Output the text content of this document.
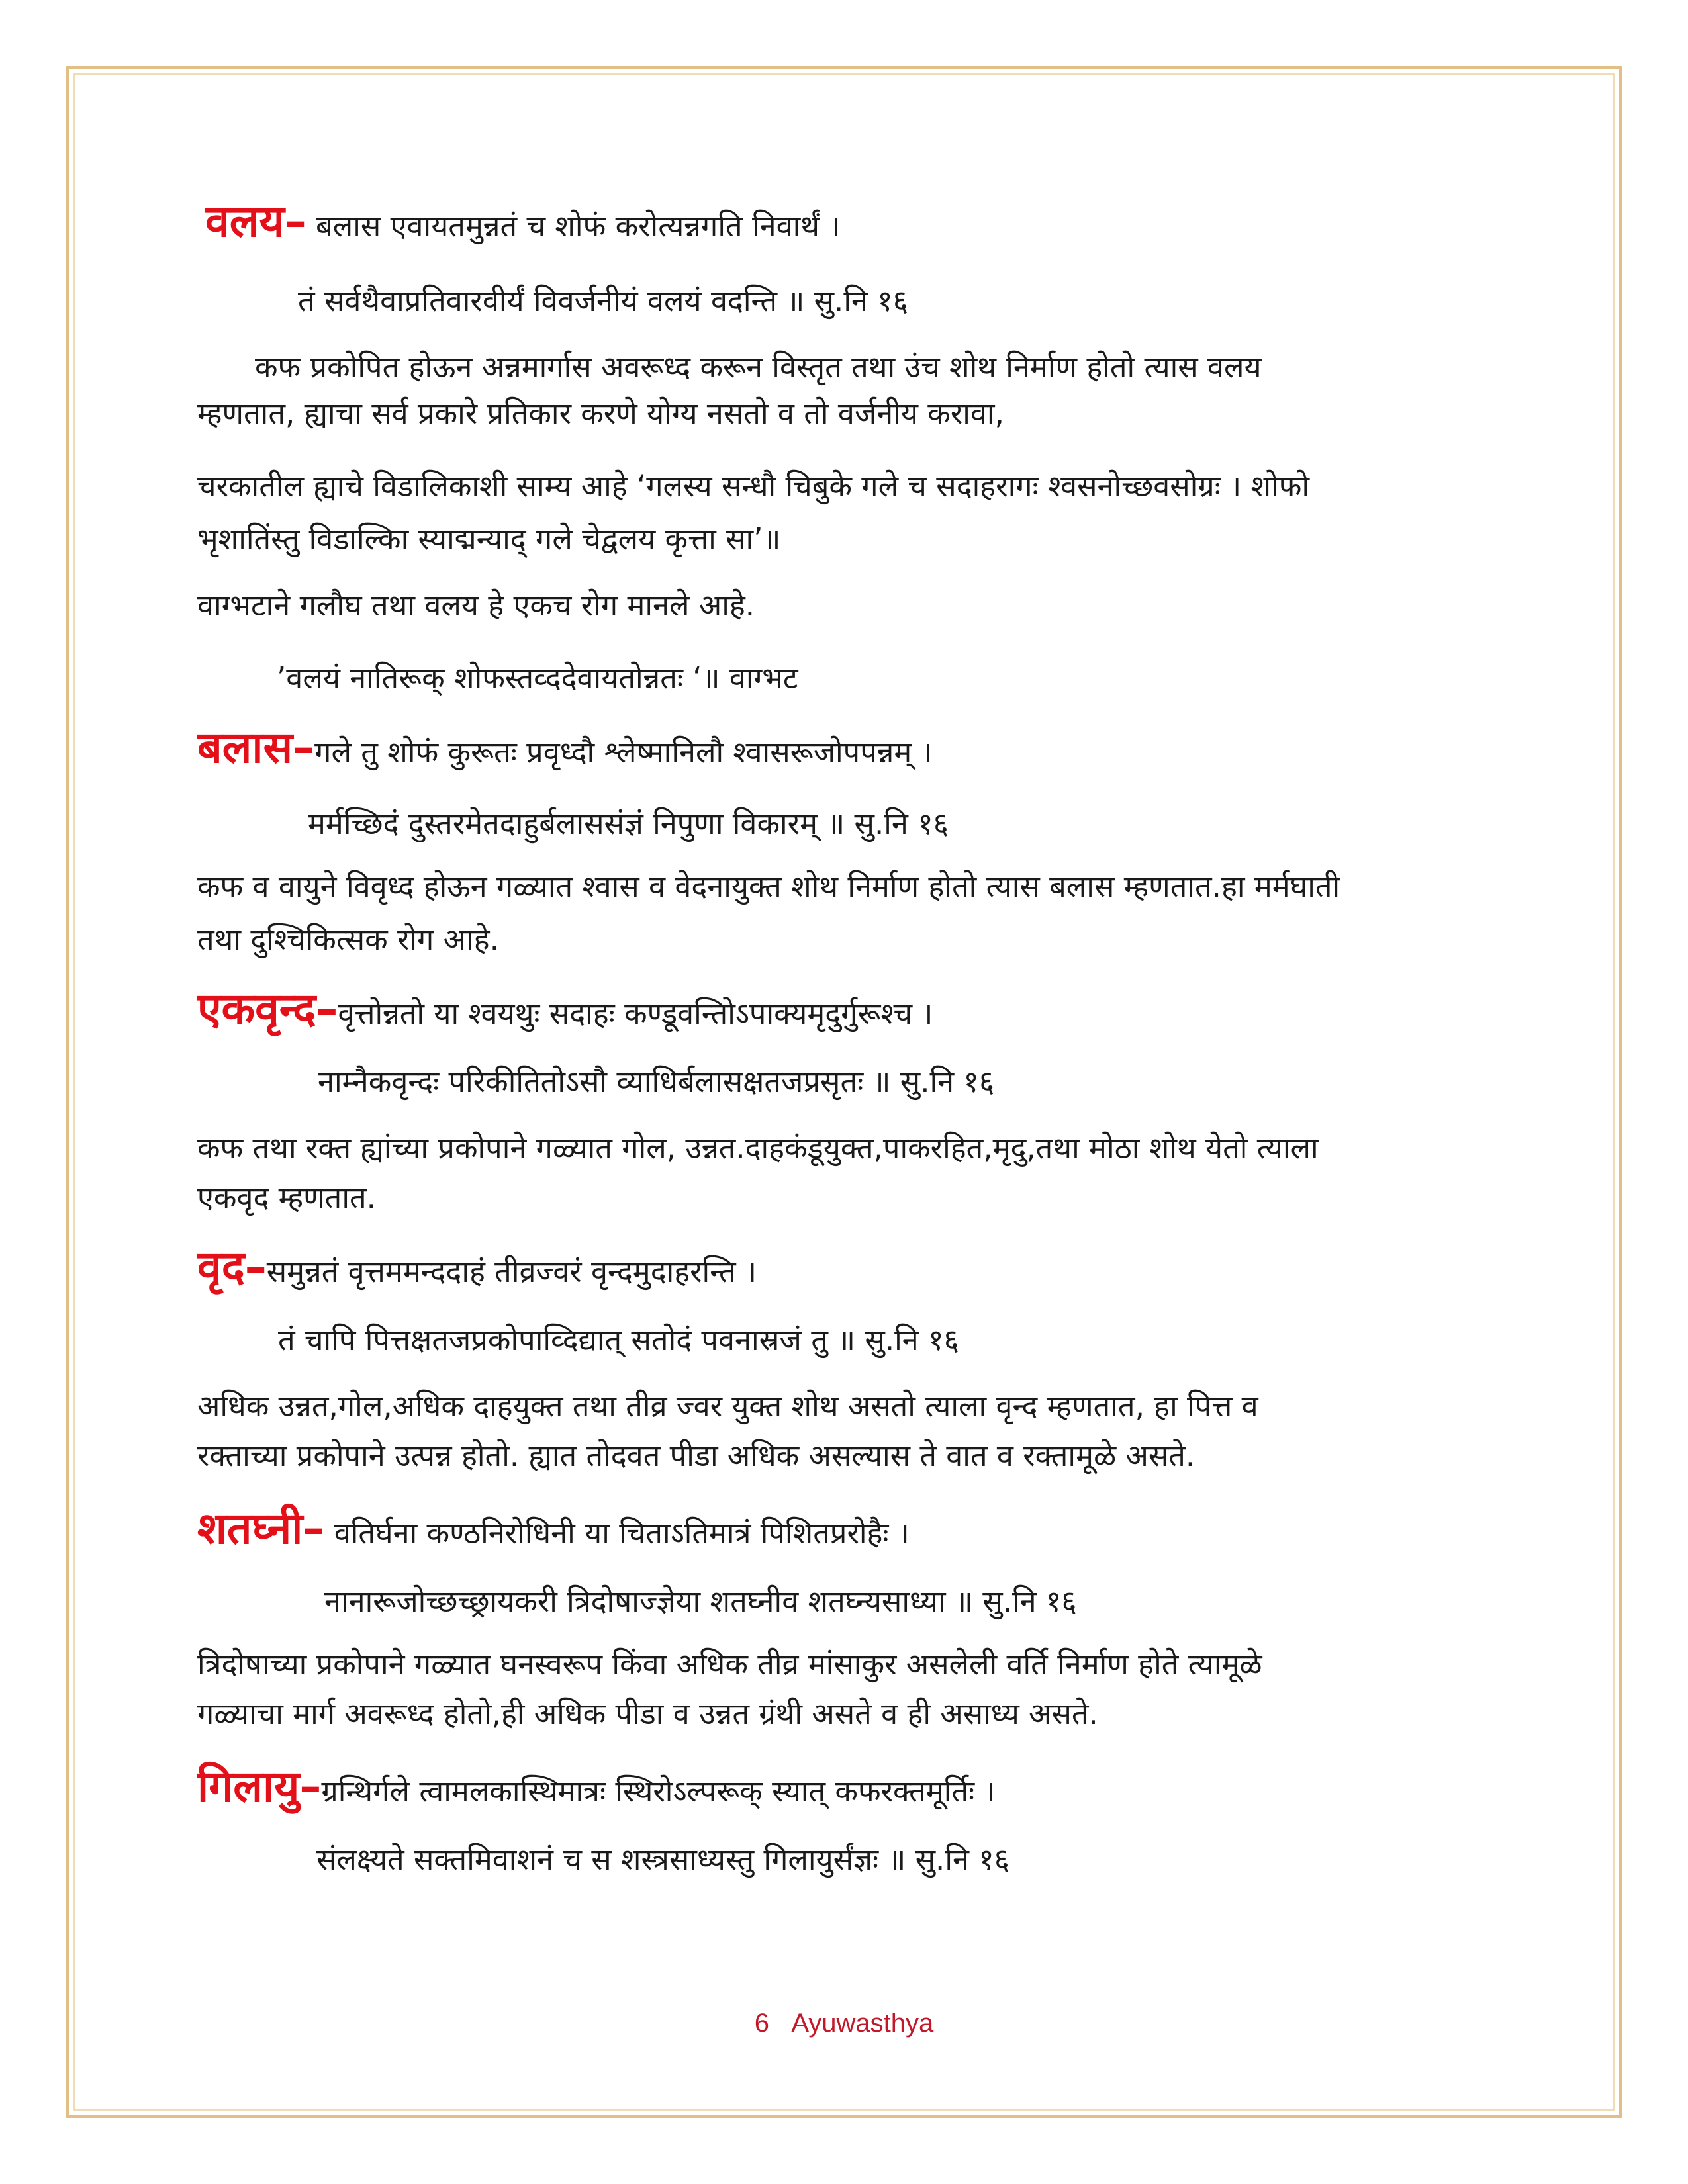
वलय– बलास एवायतमुन्नतं च शोफं करोत्यन्नगति निवार्थं ।
तं सर्वथैवाप्रतिवारवीर्यं विवर्जनीयं वलयं वदन्ति ॥ सु.नि १६
कफ प्रकोपित होऊन अन्नमार्गास अवरूध्द करून विस्तृत तथा उंच शोथ निर्माण होतो त्यास वलय
म्हणतात, ह्याचा सर्व प्रकारे प्रतिकार करणे योग्य नसतो व तो वर्जनीय करावा,
चरकातील ह्याचे विडालिकाशी साम्य आहे ‘गलस्य सन्धौ चिबुके गले च सदाहरागः श्वसनोच्छवसोग्रः । शोफो
भृशातिंस्तु विडाल्किा स्याद्मन्याद् गले चेद्वलय कृत्ता सा’॥
वाग्भटाने गलौघ तथा वलय हे एकच रोग मानले आहे.
’वलयं नातिरूक् शोफस्तव्ददेवायतोन्नतः ‘॥ वाग्भट
बलास–गले तु शोफं कुरूतः प्रवृध्दौ श्लेष्मानिलौ श्वासरूजोपपन्नम् ।
मर्मच्छिदं दुस्तरमेतदाहुर्बलाससंज्ञं निपुणा विकारम् ॥ सु.नि १६
कफ व वायुने विवृध्द होऊन गळ्यात श्वास व वेदनायुक्त शोथ निर्माण होतो त्यास बलास म्हणतात.हा मर्मघाती
तथा दुश्चिकित्सक रोग आहे.
एकवृन्द–वृत्तोन्नतो या श्वयथुः सदाहः कण्डूवन्तिोऽपाक्यमृदुर्गुरूश्च ।
नाम्नैकवृन्दः परिकीतितोऽसौ व्याधिर्बलासक्षतजप्रसृतः ॥ सु.नि १६
कफ तथा रक्त ह्यांच्या प्रकोपाने गळ्यात गोल, उन्नत.दाहकंडूयुक्त,पाकरहित,मृदु,तथा मोठा शोथ येतो त्याला
एकवृद म्हणतात.
वृद–समुन्नतं वृत्तममन्ददाहं तीव्रज्वरं वृन्दमुदाहरन्ति ।
तं चापि पित्तक्षतजप्रकोपाव्दिद्यात् सतोदं पवनास्रजं तु ॥ सु.नि १६
अधिक उन्नत,गोल,अधिक दाहयुक्त तथा तीव्र ज्वर युक्त शोथ असतो त्याला वृन्द म्हणतात, हा पित्त व
रक्ताच्या प्रकोपाने उत्पन्न होतो. ह्यात तोदवत पीडा अधिक असल्यास ते वात व रक्तामूळे असते.
शतघ्नी– वतिर्घना कण्ठनिरोधिनी या चिताऽतिमात्रं पिशितप्ररोहैः ।
नानारूजोच्छच्छ्रायकरी त्रिदोषाज्ज्ञेया शतघ्नीव शतघ्न्यसाध्या ॥ सु.नि १६
त्रिदोषाच्या प्रकोपाने गळ्यात घनस्वरूप किंवा अधिक तीव्र मांसाकुर असलेली वर्ति निर्माण होते त्यामूळे
गळ्याचा मार्ग अवरूध्द होतो,ही अधिक पीडा व उन्नत ग्रंथी असते व ही असाध्य असते.
गिलायु–ग्रन्थिर्गले त्वामलकास्थिमात्रः स्थिरोऽल्परूक् स्यात् कफरक्तमूर्तिः ।
संलक्ष्यते सक्तमिवाशनं च स शस्त्रसाध्यस्तु गिलायुर्संज्ञः ॥ सु.नि १६
6 Ayuwasthya
